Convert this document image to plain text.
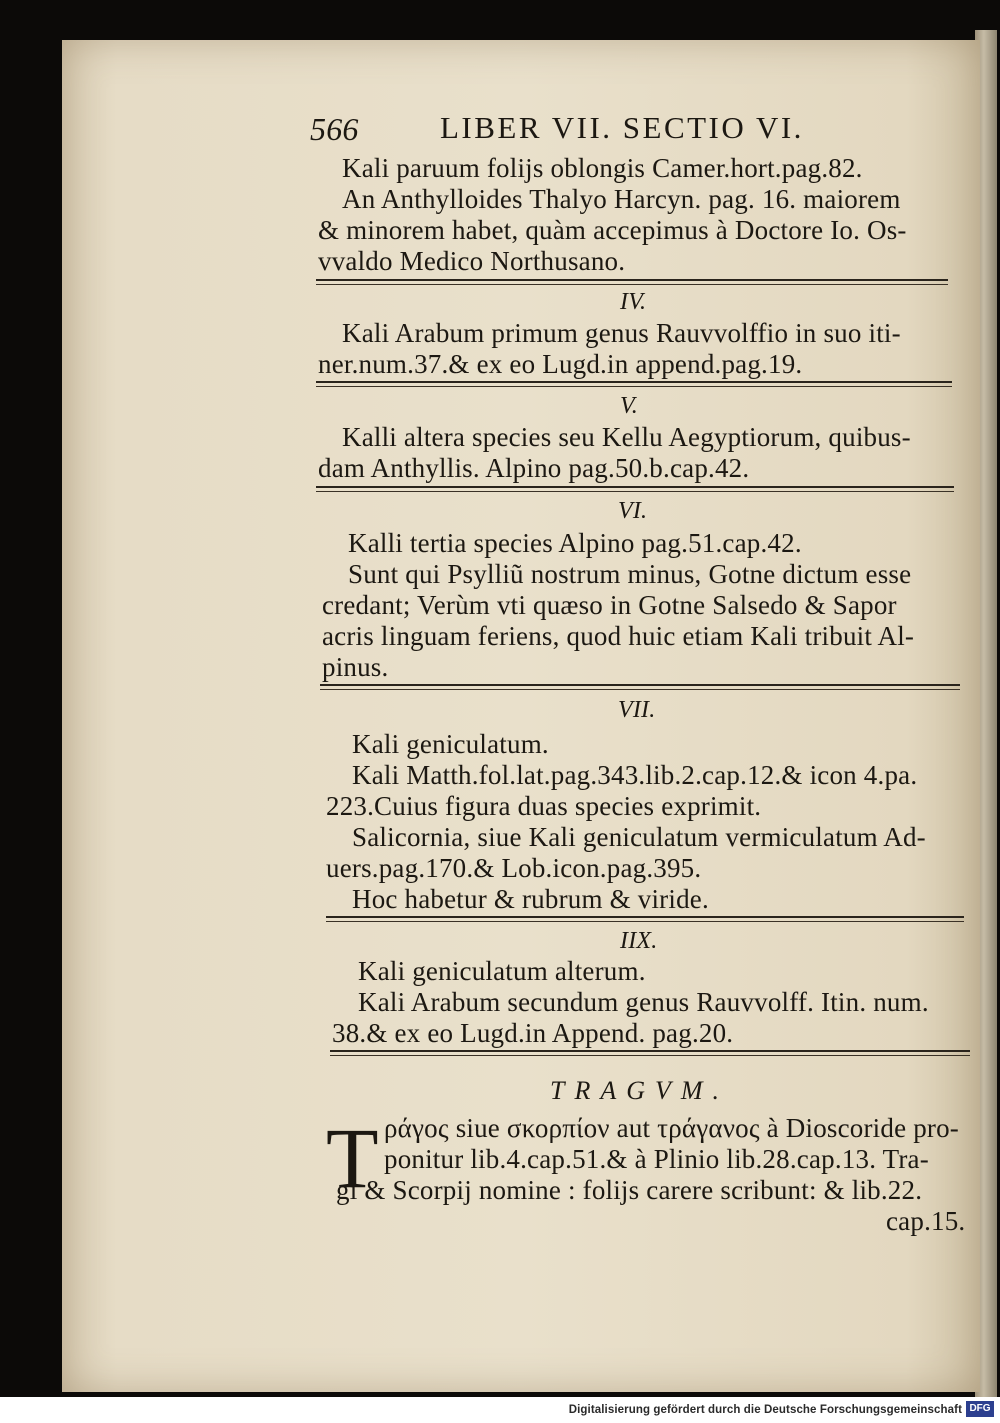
566	LIBER VII. SECTIO VI.
Kali paruum folijs oblongis Camer.hort.pag.82.
An Anthylloides Thalyo Harcyn. pag. 16. maiorem
& minorem habet, quàm accepimus à Doctore Io. Os-
vvaldo Medico Northusano.
IV.
Kali Arabum primum genus Rauvvolffio in suo iti-
ner.num.37.& ex eo Lugd.in append.pag.19.
V.
Kalli altera species seu Kellu Aegyptiorum, quibus-
dam Anthyllis. Alpino pag.50.b.cap.42.
VI.
Kalli tertia species Alpino pag.51.cap.42.
Sunt qui Psylliũ nostrum minus, Gotne dictum esse
credant; Verùm vti quæso in Gotne Salsedo & Sapor
acris linguam feriens, quod huic etiam Kali tribuit Al-
pinus.
VII.
Kali geniculatum.
Kali Matth.fol.lat.pag.343.lib.2.cap.12.& icon 4.pa.
223.Cuius figura duas species exprimit.
Salicornia, siue Kali geniculatum vermiculatum Ad-
uers.pag.170.& Lob.icon.pag.395.
Hoc habetur & rubrum & viride.
IIX.
Kali geniculatum alterum.
Kali Arabum secundum genus Rauvvolff. Itin. num.
38.& ex eo Lugd.in Append. pag.20.
TRAGVM.
T ράγος siue σκορπίον aut τράγανος à Dioscoride pro-
ponitur lib.4.cap.51.& à Plinio lib.28.cap.13. Tra-
gi & Scorpij nomine : folijs carere scribunt: & lib.22.
cap.15.
Digitalisierung gefördert durch die Deutsche Forschungsgemeinschaft DFG
